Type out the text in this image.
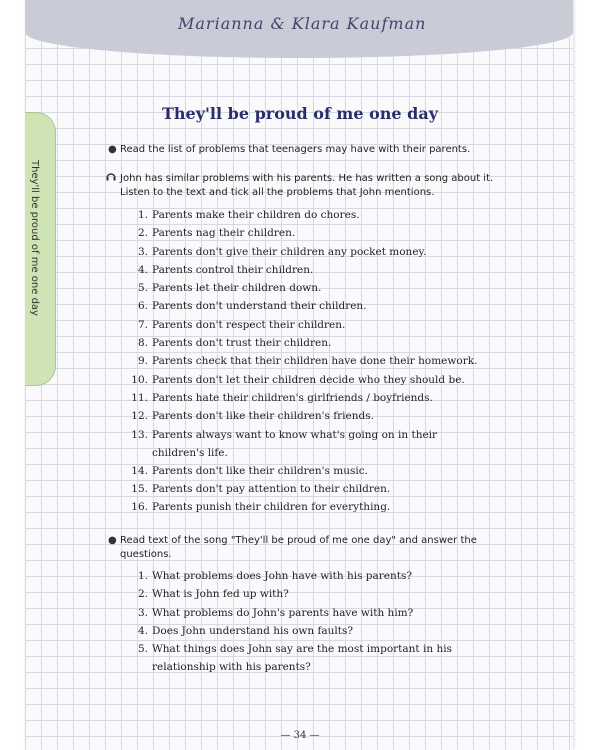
Marianna & Klara Kaufman
They'll be proud of me one day
They'll be proud of me one day
● Read the list of problems that teenagers may have with their parents.
John has similar problems with his parents. He has written a song about it. Listen to the text and tick all the problems that John mentions.
1. Parents make their children do chores.
2. Parents nag their children.
3. Parents don't give their children any pocket money.
4. Parents control their children.
5. Parents let their children down.
6. Parents don't understand their children.
7. Parents don't respect their children.
8. Parents don't trust their children.
9. Parents check that their children have done their homework.
10. Parents don't let their children decide who they should be.
11. Parents hate their children's girlfriends / boyfriends.
12. Parents don't like their children's friends.
13. Parents always want to know what's going on in their children's life.
14. Parents don't like their children's music.
15. Parents don't pay attention to their children.
16. Parents punish their children for everything.
● Read text of the song "They'll be proud of me one day" and answer the questions.
1. What problems does John have with his parents?
2. What is John fed up with?
3. What problems do John's parents have with him?
4. Does John understand his own faults?
5. What things does John say are the most important in his relationship with his parents?
— 34 —
